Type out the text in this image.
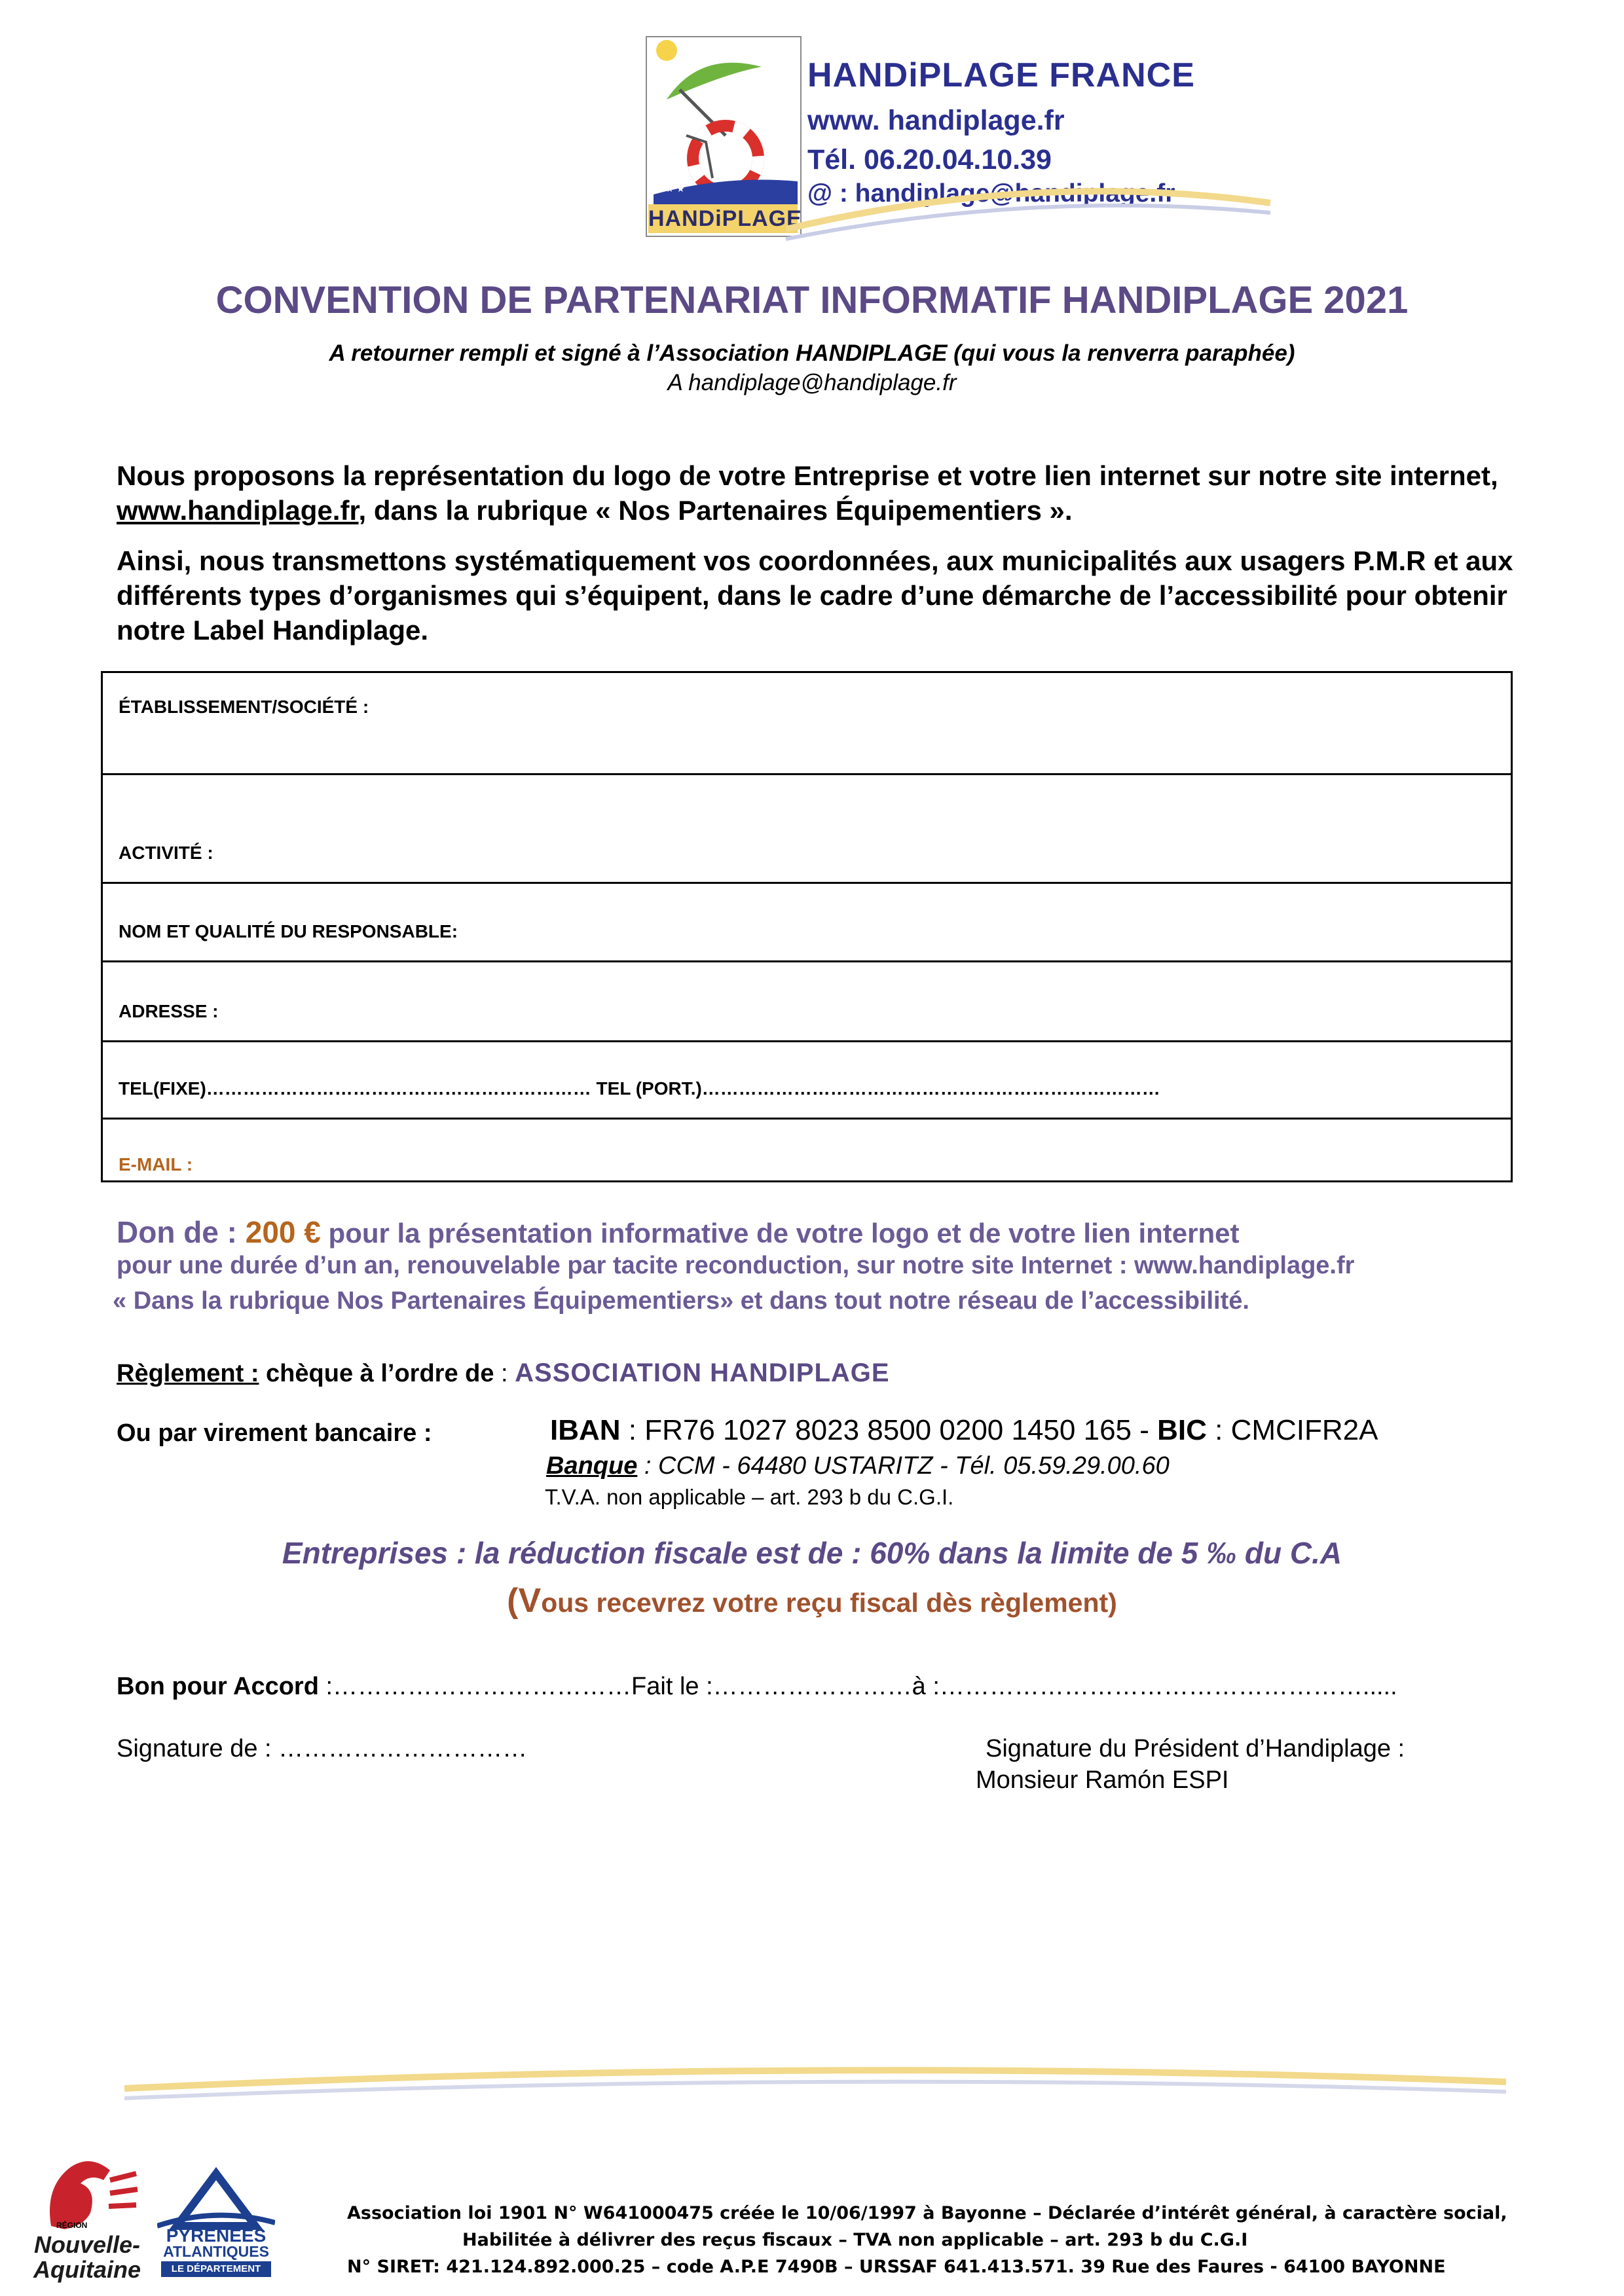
★★★
HANDiPLAGE
HANDiPLAGE FRANCE
www. handiplage.fr
Tél. 06.20.04.10.39
@ : handiplage@handiplage.fr
CONVENTION DE PARTENARIAT INFORMATIF HANDIPLAGE 2021
A retourner rempli et signé à l’Association HANDIPLAGE (qui vous la renverra paraphée)
A handiplage@handiplage.fr
Nous proposons la représentation du logo de votre Entreprise et votre lien internet sur notre site internet, www.handiplage.fr, dans la rubrique « Nos Partenaires Équipementiers ».
Ainsi, nous transmettons systématiquement vos coordonnées, aux municipalités aux usagers P.M.R et aux différents types d’organismes qui s’équipent, dans le cadre d’une démarche de l’accessibilité pour obtenir notre Label Handiplage.
ÉTABLISSEMENT/SOCIÉTÉ :
ACTIVITÉ :
NOM ET QUALITÉ DU RESPONSABLE:
ADRESSE :
TEL(FIXE)……………………………………………………… TEL (PORT.)…………………………………………………………………
E-MAIL :
Don de : 200 € pour la présentation informative de votre logo et de votre lien internet
pour une durée d’un an, renouvelable par tacite reconduction, sur notre site Internet : www.handiplage.fr
« Dans la rubrique Nos Partenaires Équipementiers» et dans tout notre réseau de l’accessibilité.
Règlement : chèque à l’ordre de : ASSOCIATION HANDIPLAGE
Ou par virement bancaire :	IBAN : FR76 1027 8023 8500 0200 1450 165 - BIC : CMCIFR2A
Banque : CCM - 64480 USTARITZ - Tél. 05.59.29.00.60
T.V.A. non applicable – art. 293 b du C.G.I.
Entreprises : la réduction fiscale est de : 60% dans la limite de 5 ‰ du C.A
(Vous recevrez votre reçu fiscal dès règlement)
Bon pour Accord :………………………………Fait le :……………………à :…………………………………………….....
Signature de : …………………………	Signature du Président d’Handiplage :
Monsieur Ramón ESPI
RÉGION
Nouvelle-Aquitaine
PYRENEES
ATLANTIQUES
LE DÉPARTEMENT
Association loi 1901 N° W641000475 créée le 10/06/1997 à Bayonne – Déclarée d’intérêt général, à caractère social,
Habilitée à délivrer des reçus fiscaux – TVA non applicable – art. 293 b du C.G.I
N° SIRET: 421.124.892.000.25 – code A.P.E 7490B – URSSAF 641.413.571. 39 Rue des Faures - 64100 BAYONNE
